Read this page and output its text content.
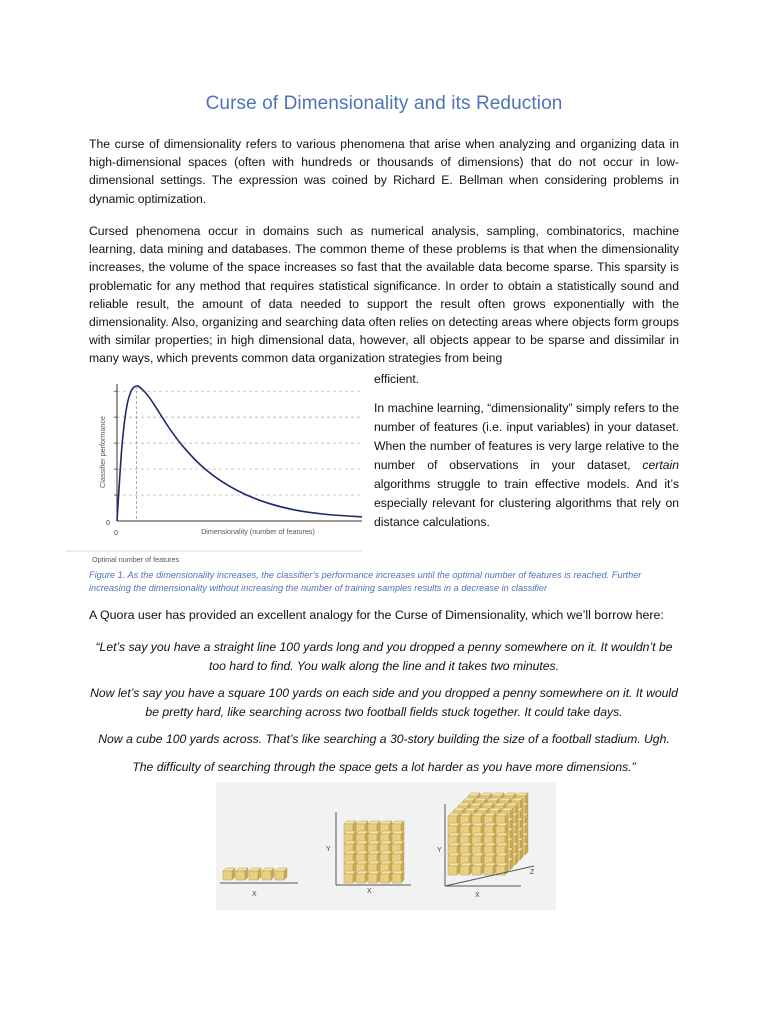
Curse of Dimensionality and its Reduction

The curse of dimensionality refers to various phenomena that arise when analyzing and organizing data in high-dimensional spaces (often with hundreds or thousands of dimensions) that do not occur in low-dimensional settings. The expression was coined by Richard E. Bellman when considering problems in dynamic optimization.

Cursed phenomena occur in domains such as numerical analysis, sampling, combinatorics, machine learning, data mining and databases. The common theme of these problems is that when the dimensionality increases, the volume of the space increases so fast that the available data become sparse. This sparsity is problematic for any method that requires statistical significance. In order to obtain a statistically sound and reliable result, the amount of data needed to support the result often grows exponentially with the dimensionality. Also, organizing and searching data often relies on detecting areas where objects form groups with similar properties; in high dimensional data, however, all objects appear to be sparse and dissimilar in many ways, which prevents common data organization strategies from being

efficient.

In machine learning, “dimensionality” simply refers to the number of features (i.e. input variables) in your dataset. When the number of features is very large relative to the number of observations in your dataset, certain algorithms struggle to train effective models. And it’s especially relevant for clustering algorithms that rely on distance calculations.

0
0
Classifier performance
Dimensionality (number of features)
Optimal number of features

Figure 1. As the dimensionality increases, the classifier’s performance increases until the optimal number of features is reached. Further increasing the dimensionality without increasing the number of training samples results in a decrease in classifier

A Quora user has provided an excellent analogy for the Curse of Dimensionality, which we’ll borrow here:

“Let’s say you have a straight line 100 yards long and you dropped a penny somewhere on it. It wouldn’t be too hard to find. You walk along the line and it takes two minutes.

Now let’s say you have a square 100 yards on each side and you dropped a penny somewhere on it. It would be pretty hard, like searching across two football fields stuck together. It could take days.

Now a cube 100 yards across. That’s like searching a 30-story building the size of a football stadium. Ugh.

The difficulty of searching through the space gets a lot harder as you have more dimensions.”

X	X
Y
X
Y
Z
